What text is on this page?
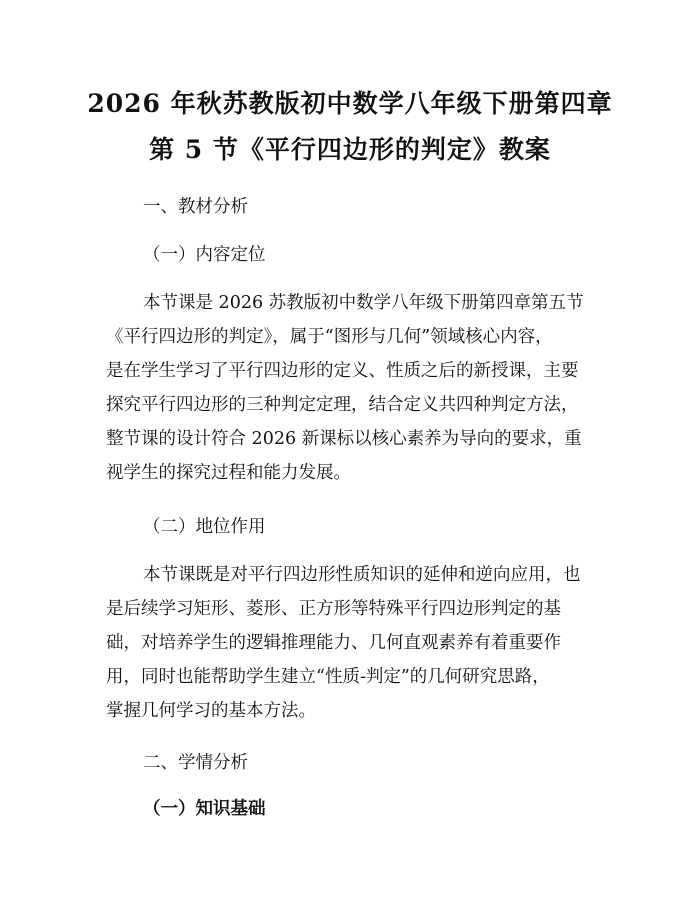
2026 年秋苏教版初中数学八年级下册第四章
第 5 节《平行四边形的判定》教案
一、教材分析
（一）内容定位
本节课是 2026 苏教版初中数学八年级下册第四章第五节
《平行四边形的判定》，属于“图形与几何”领域核心内容，
是在学生学习了平行四边形的定义、性质之后的新授课，主要
探究平行四边形的三种判定定理，结合定义共四种判定方法，
整节课的设计符合 2026 新课标以核心素养为导向的要求，重
视学生的探究过程和能力发展。
（二）地位作用
本节课既是对平行四边形性质知识的延伸和逆向应用，也
是后续学习矩形、菱形、正方形等特殊平行四边形判定的基
础，对培养学生的逻辑推理能力、几何直观素养有着重要作
用，同时也能帮助学生建立“性质-判定”的几何研究思路，
掌握几何学习的基本方法。
二、学情分析
（一）知识基础
